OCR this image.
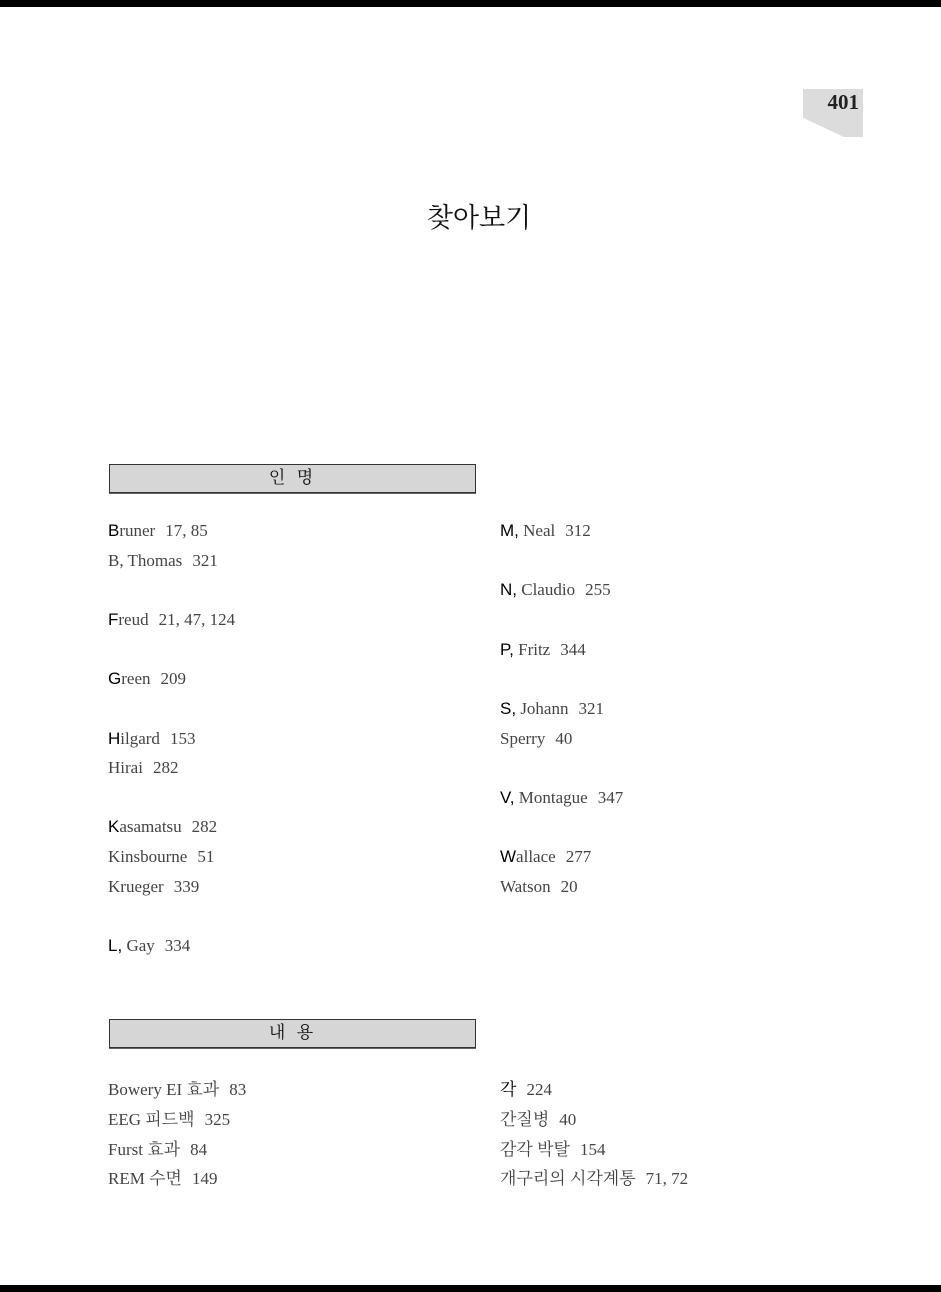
401
찾아보기
인 명
내 용
Bruner 17, 85
B, Thomas 321
Freud 21, 47, 124
Green 209
Hilgard 153
Hirai 282
Kasamatsu 282
Kinsbourne 51
Krueger 339
L, Gay 334
M, Neal 312
N, Claudio 255
P, Fritz 344
S, Johann 321
Sperry 40
V, Montague 347
Wallace 277
Watson 20
Bowery EI 효과 83
EEG 피드백 325
Furst 효과 84
REM 수면 149
각 224
간질병 40
감각 박탈 154
개구리의 시각계통 71, 72
